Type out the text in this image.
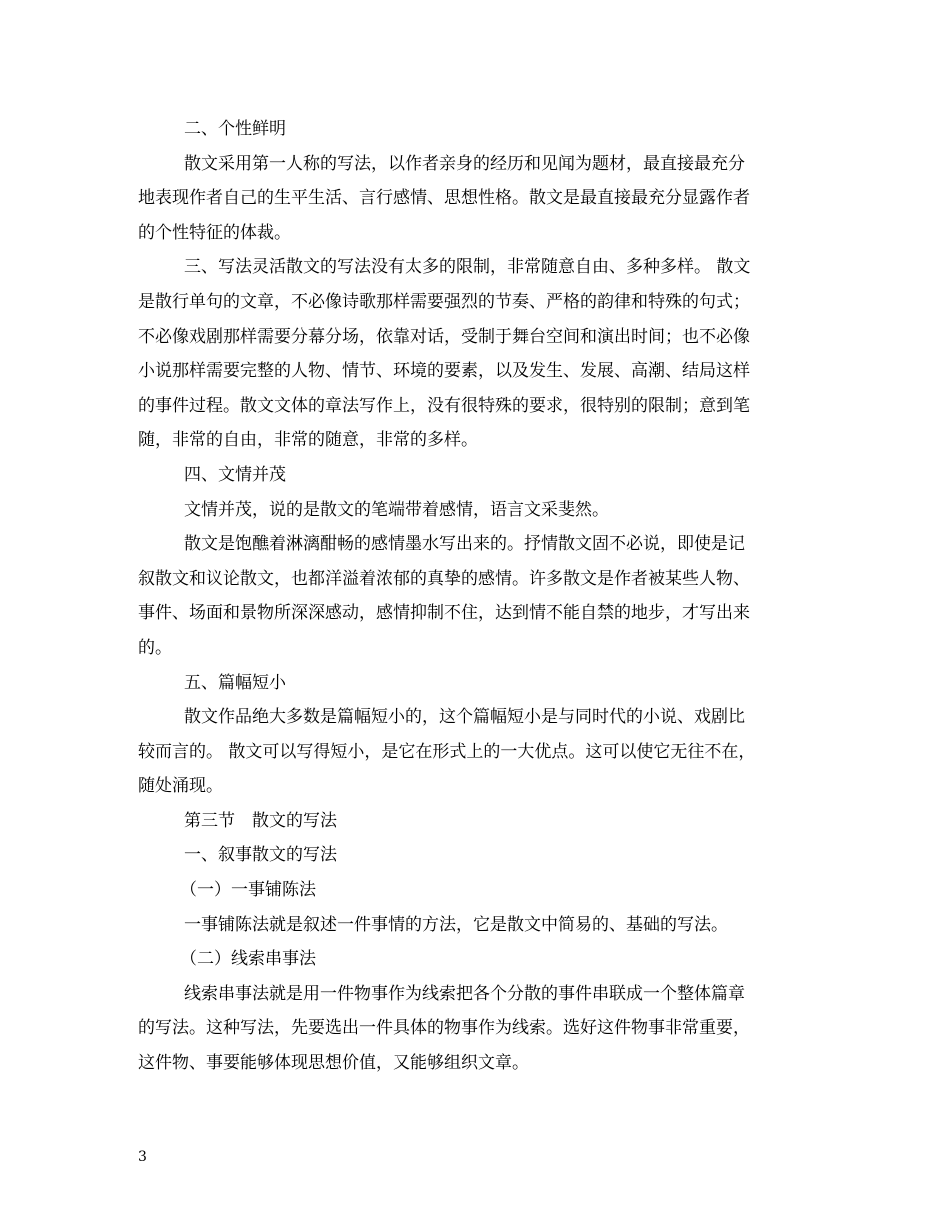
二、个性鲜明
散文采用第一人称的写法，以作者亲身的经历和见闻为题材，最直接最充分
地表现作者自己的生平生活、言行感情、思想性格。散文是最直接最充分显露作者
的个性特征的体裁。
三、写法灵活散文的写法没有太多的限制，非常随意自由、多种多样。 散文
是散行单句的文章，不必像诗歌那样需要强烈的节奏、严格的韵律和特殊的句式；
不必像戏剧那样需要分幕分场，依靠对话，受制于舞台空间和演出时间；也不必像
小说那样需要完整的人物、情节、环境的要素，以及发生、发展、高潮、结局这样
的事件过程。散文文体的章法写作上，没有很特殊的要求，很特别的限制；意到笔
随，非常的自由，非常的随意，非常的多样。
四、文情并茂
文情并茂，说的是散文的笔端带着感情，语言文采斐然。
散文是饱醮着淋漓酣畅的感情墨水写出来的。抒情散文固不必说，即使是记
叙散文和议论散文，也都洋溢着浓郁的真挚的感情。许多散文是作者被某些人物、
事件、场面和景物所深深感动，感情抑制不住，达到情不能自禁的地步，才写出来
的。
五、篇幅短小
散文作品绝大多数是篇幅短小的，这个篇幅短小是与同时代的小说、戏剧比
较而言的。 散文可以写得短小，是它在形式上的一大优点。这可以使它无往不在，
随处涌现。
第三节　散文的写法
一、叙事散文的写法
（一）一事铺陈法
一事铺陈法就是叙述一件事情的方法，它是散文中简易的、基础的写法。
（二）线索串事法
线索串事法就是用一件物事作为线索把各个分散的事件串联成一个整体篇章
的写法。这种写法，先要选出一件具体的物事作为线索。选好这件物事非常重要，
这件物、事要能够体现思想价值，又能够组织文章。
3
